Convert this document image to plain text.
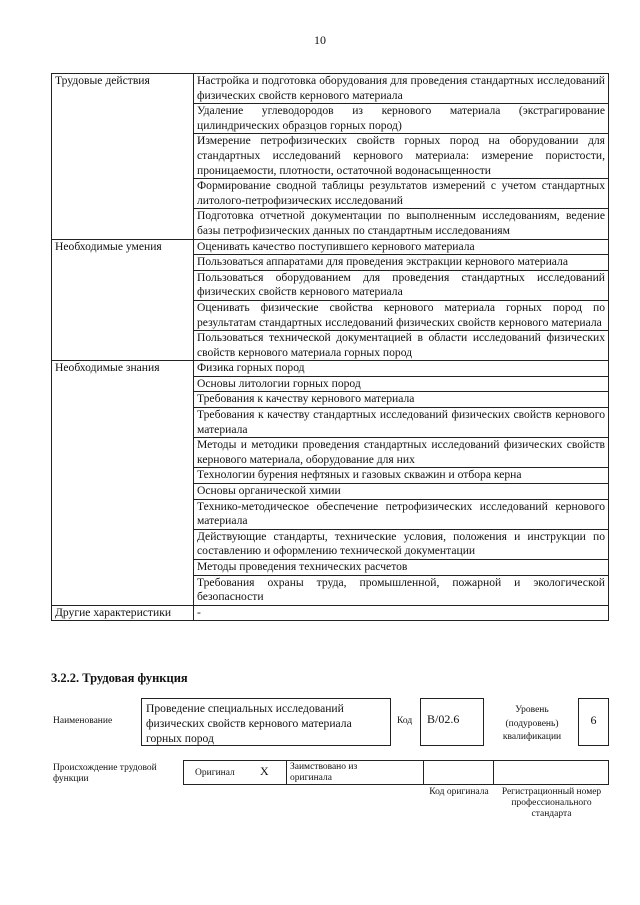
10
Трудовые действия	Настройка и подготовка оборудования для проведения стандартных исследований физических свойств кернового материала
	Удаление углеводородов из кернового материала (экстрагирование цилиндрических образцов горных пород)
	Измерение петрофизических свойств горных пород на оборудовании для стандартных исследований кернового материала: измерение пористости, проницаемости, плотности, остаточной водонасыщенности
	Формирование сводной таблицы результатов измерений с учетом стандартных литолого-петрофизических исследований
	Подготовка отчетной документации по выполненным исследованиям, ведение базы петрофизических данных по стандартным исследованиям
Необходимые умения	Оценивать качество поступившего кернового материала
	Пользоваться аппаратами для проведения экстракции кернового материала
	Пользоваться оборудованием для проведения стандартных исследований физических свойств кернового материала
	Оценивать физические свойства кернового материала горных пород по результатам стандартных исследований физических свойств кернового материала
	Пользоваться технической документацией в области исследований физических свойств кернового материала горных пород
Необходимые знания	Физика горных пород
	Основы литологии горных пород
	Требования к качеству кернового материала
	Требования к качеству стандартных исследований физических свойств кернового материала
	Методы и методики проведения стандартных исследований физических свойств кернового материала, оборудование для них
	Технологии бурения нефтяных и газовых скважин и отбора керна
	Основы органической химии
	Технико-методическое обеспечение петрофизических исследований кернового материала
	Действующие стандарты, технические условия, положения и инструкции по составлению и оформлению технической документации
	Методы проведения технических расчетов
	Требования охраны труда, промышленной, пожарной и экологической безопасности
Другие характеристики	-
3.2.2. Трудовая функция
Наименование
Проведение специальных исследований физических свойств кернового материала горных пород
Код	В/02.6
Уровень (подуровень) квалификации
6
Происхождение трудовой функции
Оригинал X Заимствовано из оригинала
Код оригинала	Регистрационный номер профессионального стандарта
